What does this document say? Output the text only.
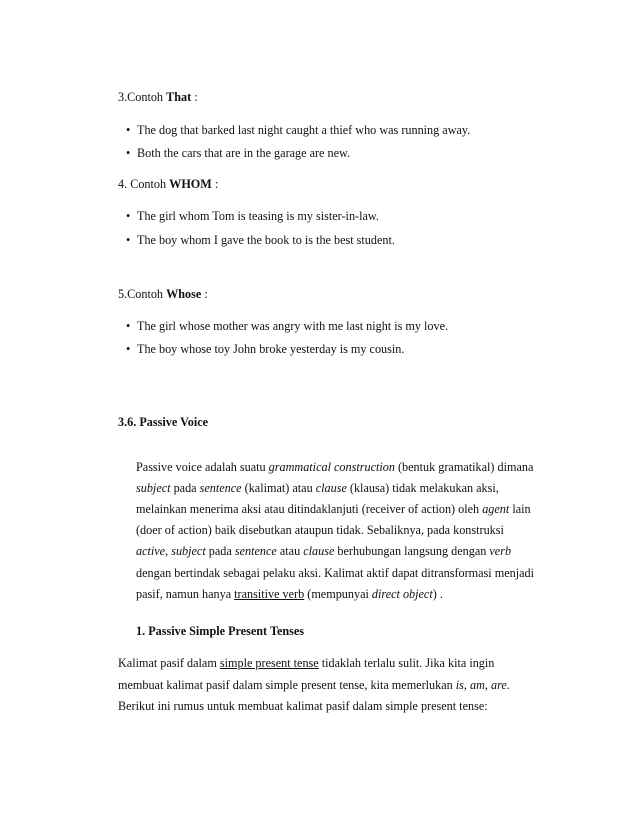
3.Contoh That :
• The dog that barked last night caught a thief who was running away.
• Both the cars that are in the garage are new.
4. Contoh WHOM :
• The girl whom Tom is teasing is my sister-in-law.
• The boy whom I gave the book to is the best student.
5.Contoh Whose :
• The girl whose mother was angry with me last night is my love.
• The boy whose toy John broke yesterday is my cousin.
3.6. Passive Voice
Passive voice adalah suatu grammatical construction (bentuk gramatikal) dimana
subject pada sentence (kalimat) atau clause (klausa) tidak melakukan aksi,
melainkan menerima aksi atau ditindaklanjuti (receiver of action) oleh agent lain
(doer of action) baik disebutkan ataupun tidak. Sebaliknya, pada konstruksi
active, subject pada sentence atau clause berhubungan langsung dengan verb
dengan bertindak sebagai pelaku aksi. Kalimat aktif dapat ditransformasi menjadi
pasif, namun hanya transitive verb (mempunyai direct object) .
1. Passive Simple Present Tenses
Kalimat pasif dalam simple present tense tidaklah terlalu sulit. Jika kita ingin
membuat kalimat pasif dalam simple present tense, kita memerlukan is, am, are.
Berikut ini rumus untuk membuat kalimat pasif dalam simple present tense:
